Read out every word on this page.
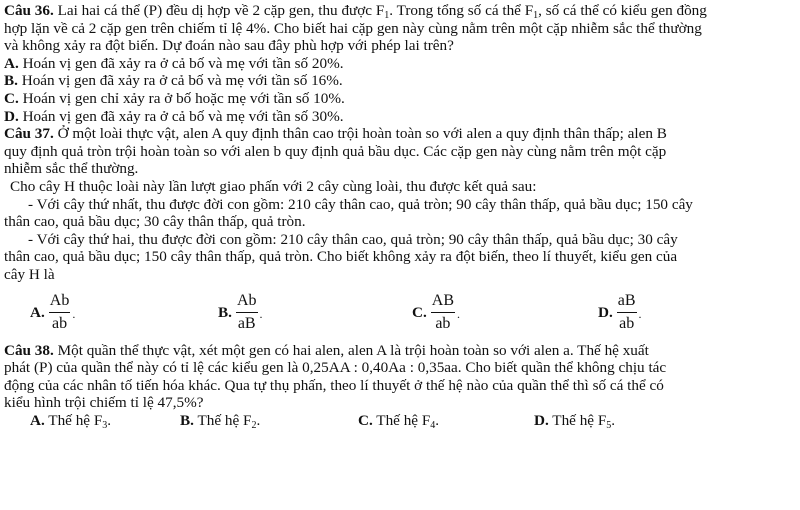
Câu 36. Lai hai cá thể (P) đều dị hợp về 2 cặp gen, thu được $F_1$. Trong tổng số cá thể $F_1$, số cá thể có kiểu gen đồng
hợp lặn về cả 2 cặp gen trên chiếm tỉ lệ 4%. Cho biết hai cặp gen này cùng nằm trên một cặp nhiễm sắc thể thường
và không xảy ra đột biến. Dự đoán nào sau đây phù hợp với phép lai trên?
A. Hoán vị gen đã xảy ra ở cả bố và mẹ với tần số 20%.
B. Hoán vị gen đã xảy ra ở cả bố và mẹ với tần số 16%.
C. Hoán vị gen chỉ xảy ra ở bố hoặc mẹ với tần số 10%.
D. Hoán vị gen đã xảy ra ở cả bố và mẹ với tần số 30%.
Câu 37. Ở một loài thực vật, alen A quy định thân cao trội hoàn toàn so với alen a quy định thân thấp; alen B
quy định quả tròn trội hoàn toàn so với alen b quy định quả bầu dục. Các cặp gen này cùng nằm trên một cặp
nhiễm sắc thể thường.
Cho cây H thuộc loài này lần lượt giao phấn với 2 cây cùng loài, thu được kết quả sau:
- Với cây thứ nhất, thu được đời con gồm: 210 cây thân cao, quả tròn; 90 cây thân thấp, quả bầu dục; 150 cây
thân cao, quả bầu dục; 30 cây thân thấp, quả tròn.
- Với cây thứ hai, thu được đời con gồm: 210 cây thân cao, quả tròn; 90 cây thân thấp, quả bầu dục; 30 cây
thân cao, quả bầu dục; 150 cây thân thấp, quả tròn. Cho biết không xảy ra đột biến, theo lí thuyết, kiểu gen của
cây H là
A. $\frac{Ab}{ab}$ .	B. $\frac{Ab}{aB}$ .	C. $\frac{AB}{ab}$ .	D. $\frac{aB}{ab}$ .
Câu 38. Một quần thể thực vật, xét một gen có hai alen, alen A là trội hoàn toàn so với alen a. Thế hệ xuất
phát (P) của quần thể này có tỉ lệ các kiểu gen là 0,25AA : 0,40Aa : 0,35aa. Cho biết quần thể không chịu tác
động của các nhân tố tiến hóa khác. Qua tự thụ phấn, theo lí thuyết ở thế hệ nào của quần thể thì số cá thể có
kiểu hình trội chiếm tỉ lệ 47,5%?
A. Thế hệ $F_3$.	B. Thế hệ $F_2$.	C. Thế hệ $F_4$.	D. Thế hệ $F_5$.
